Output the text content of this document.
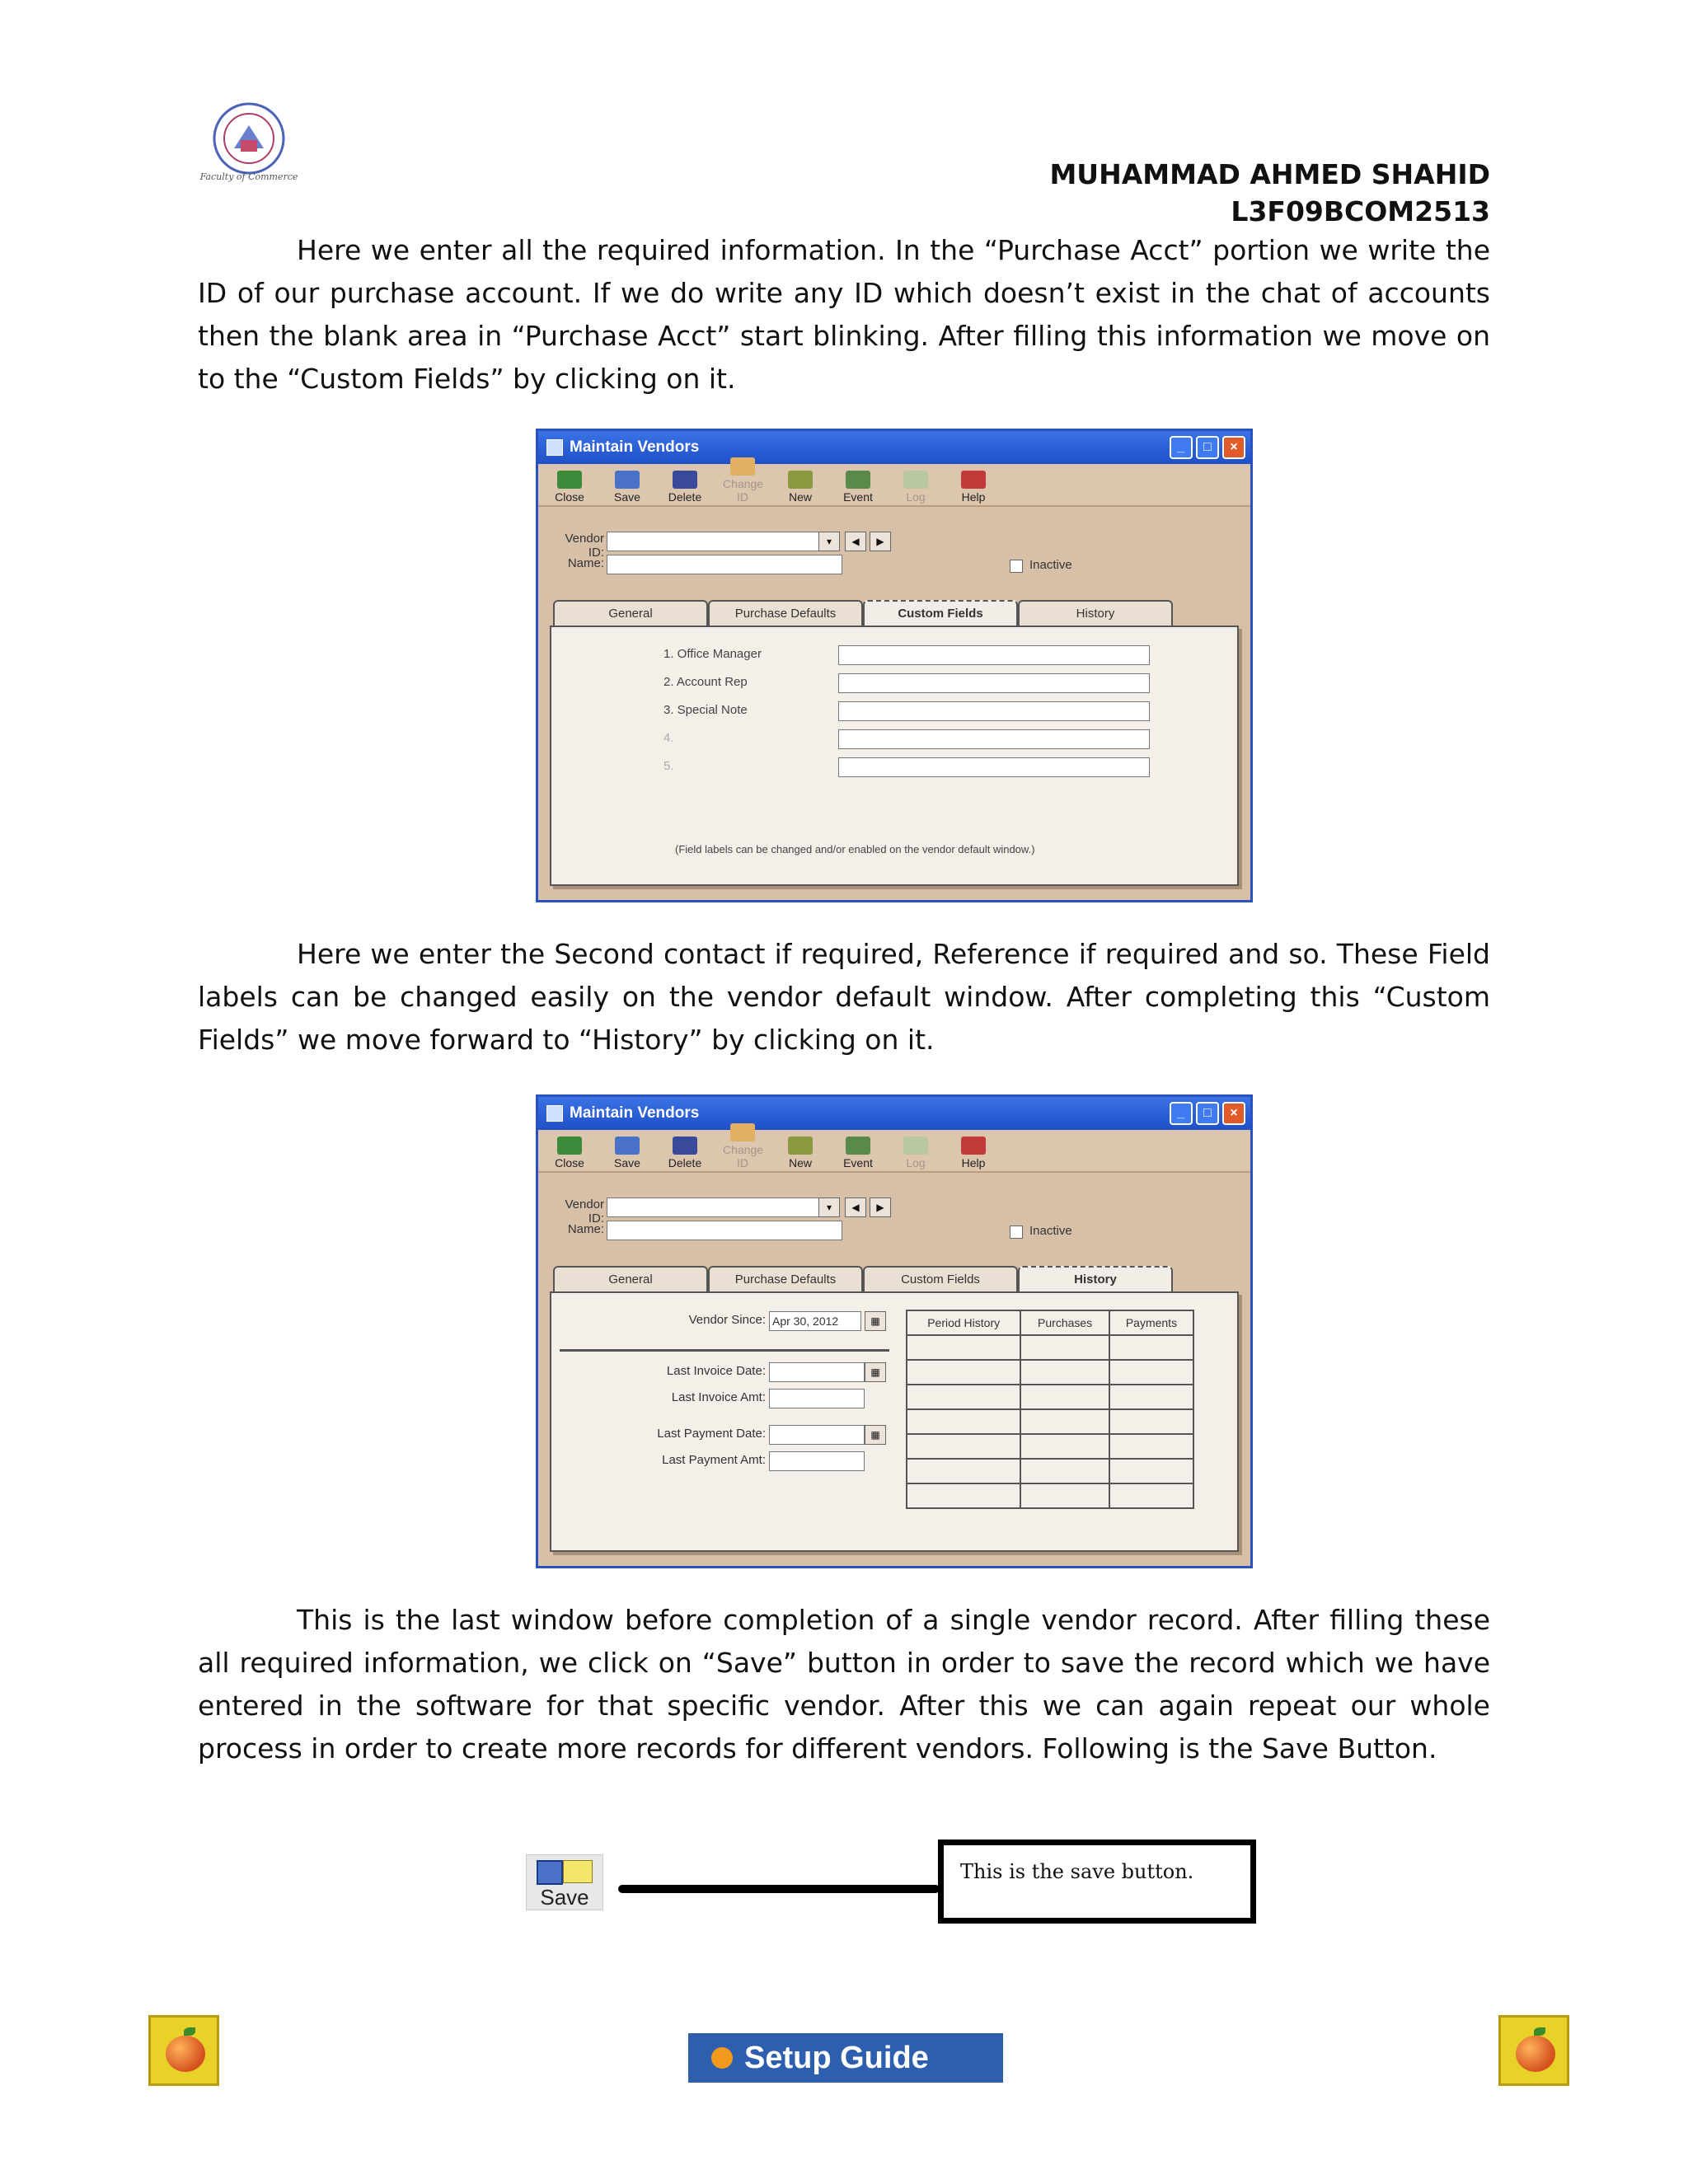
Faculty of Commerce	MUHAMMAD AHMED SHAHID
L3F09BCOM2513
Here we enter all the required information. In the “Purchase Acct” portion we write the ID of our purchase account. If we do write any ID which doesn’t exist in the chat of accounts then the blank area in “Purchase Acct” start blinking. After filling this information we move on to the “Custom Fields” by clicking on it.
Maintain Vendors	_	□	×
Close	Save	Delete
Change ID	New	Event	Log	Help
Vendor ID:
▾	◀	▶
Name:	Inactive
General	Purchase Defaults	Custom Fields	History
1. Office Manager
2. Account Rep
3. Special Note
4.
5.
(Field labels can be changed and/or enabled on the vendor default window.)
Here we enter the Second contact if required, Reference if required and so. These Field labels can be changed easily on the vendor default window. After completing this “Custom Fields” we move forward to “History” by clicking on it.
Maintain Vendors	_	□	×
Close	Save	Delete
Change ID	New	Event	Log	Help
Vendor ID:
▾	◀	▶
Name:	Inactive
General	Purchase Defaults	Custom Fields	History
Vendor Since: Apr 30, 2012	▦
Last Invoice Date:	▦
Last Invoice Amt:
Last Payment Date:	▦
Last Payment Amt:
Period History	Purchases	Payments

This is the last window before completion of a single vendor record. After filling these all required information, we click on “Save” button in order to save the record which we have entered in the software for that specific vendor. After this we can again repeat our whole process in order to create more records for different vendors. Following is the Save Button.
Save
This is the save button.
Setup Guide
